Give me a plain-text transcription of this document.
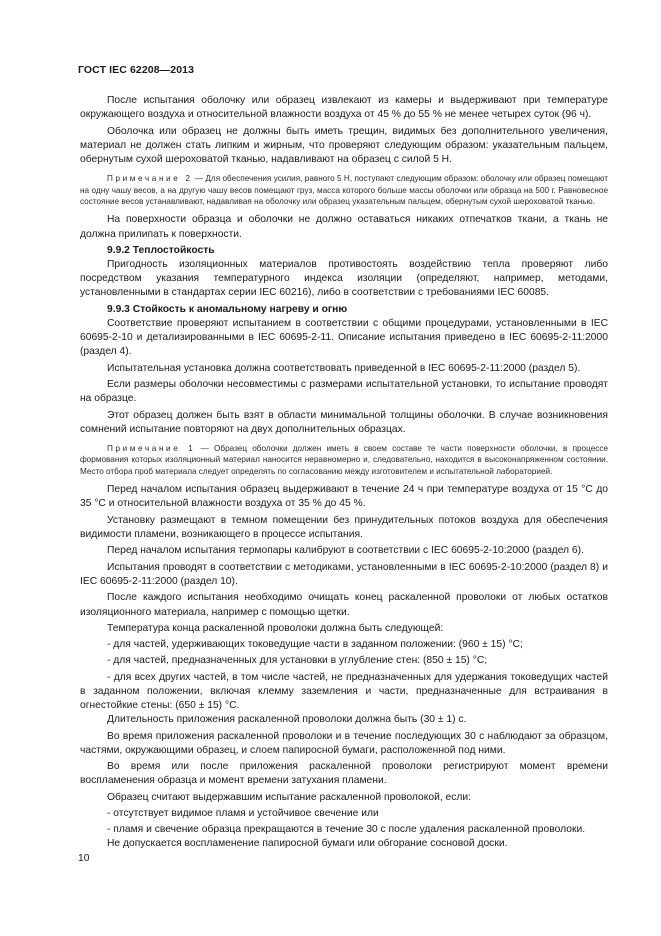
ГОСТ IEC 62208—2013

После испытания оболочку или образец извлекают из камеры и выдерживают при температуре окружающего воздуха и относительной влажности воздуха от 45 % до 55 % не менее четырех суток (96 ч).

Оболочка или образец не должны быть иметь трещин, видимых без дополнительного увеличения, материал не должен стать липким и жирным, что проверяют следующим образом: указательным пальцем, обернутым сухой шероховатой тканью, надавливают на образец с силой 5 Н.

Примечание 2 — Для обеспечения усилия, равного 5 Н, поступают следующим образом: оболочку или образец помещают на одну чашу весов, а на другую чашу весов помещают груз, масса которого больше массы оболочки или образца на 500 г. Равновесное состояние весов устанавливают, надавливая на оболочку или образец указательным пальцем, обернутым сухой шероховатой тканью.

На поверхности образца и оболочки не должно оставаться никаких отпечатков ткани, а ткань не должна прилипать к поверхности.

9.9.2 Теплостойкость

Пригодность изоляционных материалов противостоять воздействию тепла проверяют либо посредством указания температурного индекса изоляции (определяют, например, методами, установленными в стандартах серии IEC 60216), либо в соответствии с требованиями IEC 60085.

9.9.3 Стойкость к аномальному нагреву и огню

Соответствие проверяют испытанием в соответствии с общими процедурами, установленными в IEC 60695-2-10 и детализированными в IEC 60695-2-11. Описание испытания приведено в IEC 60695-2-11:2000 (раздел 4).

Испытательная установка должна соответствовать приведенной в IEC 60695-2-11:2000 (раздел 5).

Если размеры оболочки несовместимы с размерами испытательной установки, то испытание проводят на образце.

Этот образец должен быть взят в области минимальной толщины оболочки. В случае возникновения сомнений испытание повторяют на двух дополнительных образцах.

Примечание 1 — Образец оболочки должен иметь в своем составе те части поверхности оболочки, в процессе формования которых изоляционный материал наносится неравномерно и, следовательно, находится в высоконапряженном состоянии. Место отбора проб материала следует определять по согласованию между изготовителем и испытательной лабораторией.

Перед началом испытания образец выдерживают в течение 24 ч при температуре воздуха от 15 °С до 35 °С и относительной влажности воздуха от 35 % до 45 %.

Установку размещают в темном помещении без принудительных потоков воздуха для обеспечения видимости пламени, возникающего в процессе испытания.

Перед началом испытания термопары калибруют в соответствии с IEC 60695-2-10:2000 (раздел 6).

Испытания проводят в соответствии с методиками, установленными в IEC 60695-2-10:2000 (раздел 8) и IEC 60695-2-11:2000 (раздел 10).

После каждого испытания необходимо очищать конец раскаленной проволоки от любых остатков изоляционного материала, например с помощью щетки.

Температура конца раскаленной проволоки должна быть следующей:

- для частей, удерживающих токоведущие части в заданном положении: (960 ± 15) °С;

- для частей, предназначенных для установки в углубление стен: (850 ± 15) °С;

- для всех других частей, в том числе частей, не предназначенных для удержания токоведущих частей в заданном положении, включая клемму заземления и части, предназначенные для встраивания в огнестойкие стены: (650 ± 15) °С.

Длительность приложения раскаленной проволоки должна быть (30 ± 1) с.

Во время приложения раскаленной проволоки и в течение последующих 30 с наблюдают за образцом, частями, окружающими образец, и слоем папиросной бумаги, расположенной под ними.

Во время или после приложения раскаленной проволоки регистрируют момент времени воспламенения образца и момент времени затухания пламени.

Образец считают выдержавшим испытание раскаленной проволокой, если:

- отсутствует видимое пламя и устойчивое свечение или

- пламя и свечение образца прекращаются в течение 30 с после удаления раскаленной проволоки.

Не допускается воспламенение папиросной бумаги или обгорание сосновой доски.

10
